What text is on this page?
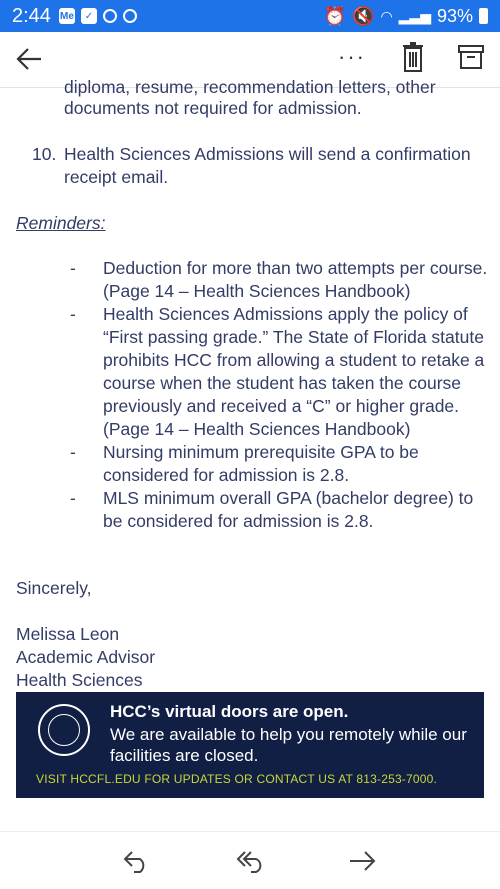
2:44 Me	✓	⏰ 🔇 ◠ ▂▃▅ 93%
···
diploma, resume, recommendation letters, other

documents not required for admission.

10. Health Sciences Admissions will send a confirmation receipt email.

Reminders:

- Deduction for more than two attempts per course. (Page 14 – Health Sciences Handbook)
- Health Sciences Admissions apply the policy of “First passing grade.” The State of Florida statute prohibits HCC from allowing a student to retake a course when the student has taken the course previously and received a “C” or higher grade. (Page 14 – Health Sciences Handbook)
- Nursing minimum prerequisite GPA to be considered for admission is 2.8.
- MLS minimum overall GPA (bachelor degree) to be considered for admission is 2.8.

Sincerely,

Melissa Leon
Academic Advisor
Health Sciences
HCC’s virtual doors are open.
We are available to help you remotely while our facilities are closed.
VISIT HCCFL.EDU FOR UPDATES OR CONTACT US AT 813-253-7000.
